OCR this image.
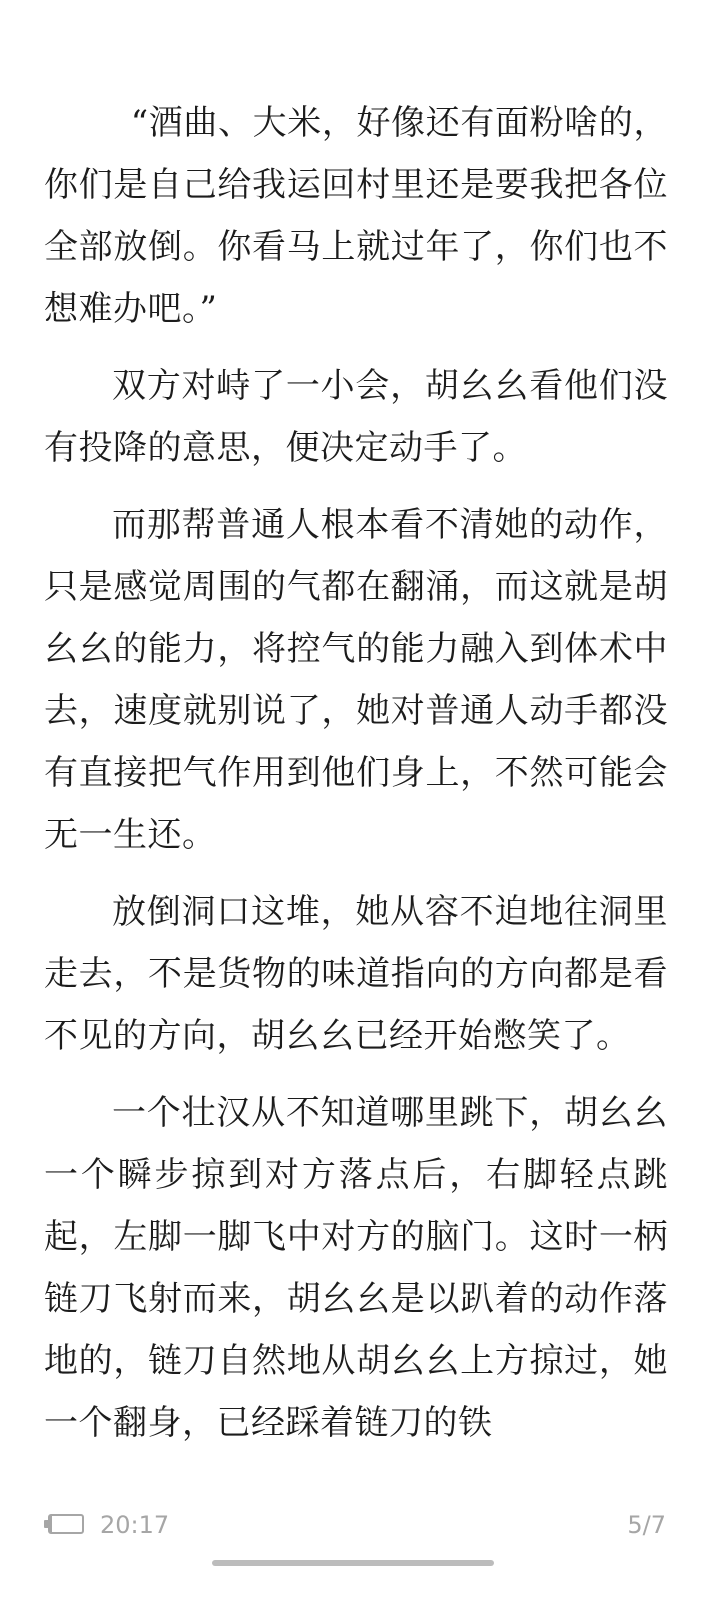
“酒曲、大米，好像还有面粉啥的，你们是自己给我运回村里还是要我把各位全部放倒。你看马上就过年了，你们也不想难办吧。”

双方对峙了一小会，胡幺幺看他们没有投降的意思，便决定动手了。

而那帮普通人根本看不清她的动作，只是感觉周围的气都在翻涌，而这就是胡幺幺的能力，将控气的能力融入到体术中去，速度就别说了，她对普通人动手都没有直接把气作用到他们身上，不然可能会无一生还。

放倒洞口这堆，她从容不迫地往洞里走去，不是货物的味道指向的方向都是看不见的方向，胡幺幺已经开始憋笑了。

一个壮汉从不知道哪里跳下，胡幺幺一个瞬步掠到对方落点后，右脚轻点跳起，左脚一脚飞中对方的脑门。这时一柄链刀飞射而来，胡幺幺是以趴着的动作落地的，链刀自然地从胡幺幺上方掠过，她一个翻身，已经踩着链刀的铁

20:17	5/7
